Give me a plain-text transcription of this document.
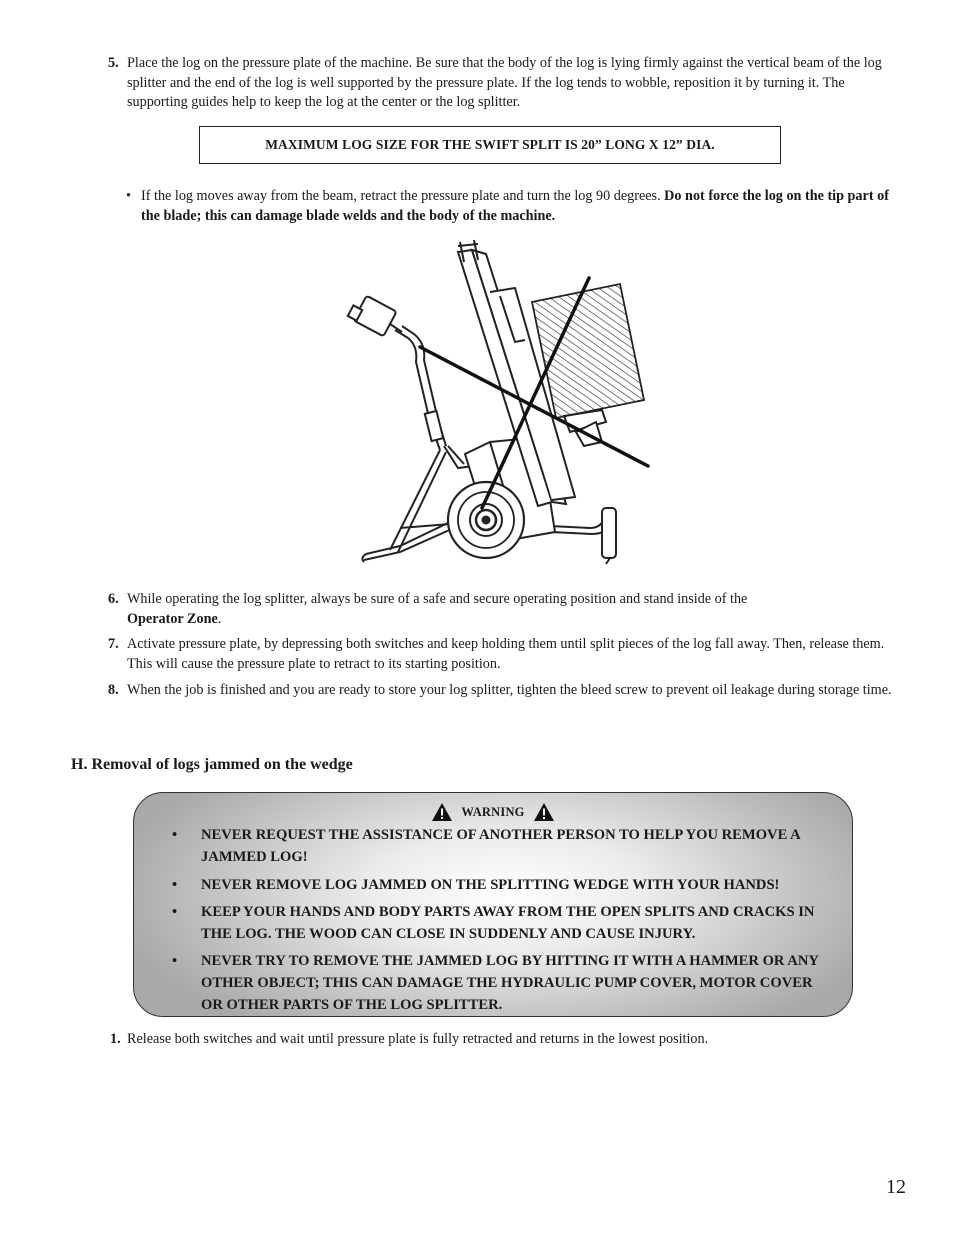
5. Place the log on the pressure plate of the machine. Be sure that the body of the log is lying firmly against the vertical beam of the log splitter and the end of the log is well supported by the pressure plate. If the log tends to wobble, reposition it by turning it. The supporting guides help to keep the log at the center or the log splitter.
MAXIMUM LOG SIZE FOR THE SWIFT SPLIT IS 20” LONG X 12” DIA.
• If the log moves away from the beam, retract the pressure plate and turn the log 90 degrees. Do not force the log on the tip part of the blade; this can damage blade welds and the body of the machine.
6. While operating the log splitter, always be sure of a safe and secure operating position and stand inside of the
Operator Zone.
7. Activate pressure plate, by depressing both switches and keep holding them until split pieces of the log fall away. Then, release them. This will cause the pressure plate to retract to its starting position.
8. When the job is finished and you are ready to store your log splitter, tighten the bleed screw to prevent oil leakage during storage time.
H. Removal of logs jammed on the wedge
WARNING
•	NEVER REQUEST THE ASSISTANCE OF ANOTHER PERSON TO HELP YOU REMOVE A JAMMED LOG!
•	NEVER REMOVE LOG JAMMED ON THE SPLITTING WEDGE WITH YOUR HANDS!
•	KEEP YOUR HANDS AND BODY PARTS AWAY FROM THE OPEN SPLITS AND CRACKS IN THE LOG. THE WOOD CAN CLOSE IN SUDDENLY AND CAUSE INJURY.
•	NEVER TRY TO REMOVE THE JAMMED LOG BY HITTING IT WITH A HAMMER OR ANY OTHER OBJECT; THIS CAN DAMAGE THE HYDRAULIC PUMP COVER, MOTOR COVER OR OTHER PARTS OF THE LOG SPLITTER.
1. Release both switches and wait until pressure plate is fully retracted and returns in the lowest position.
12
